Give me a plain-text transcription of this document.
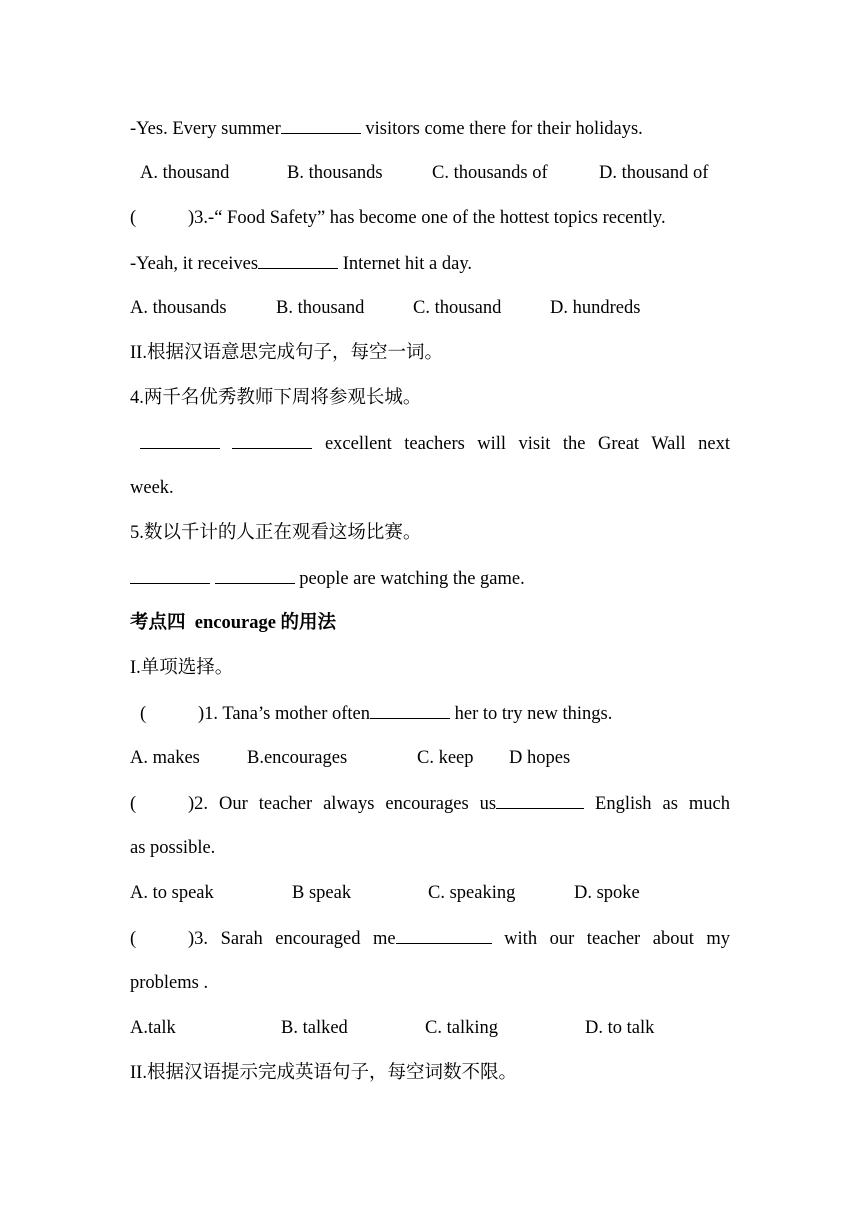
-Yes. Every summer	visitors come there for their holidays.

A. thousand

	B. thousands

	C. thousands of

	D. thousand of

(	)3.-“ Food Safety” has become one of the hottest topics recently.
-Yeah, it receives	Internet hit a day.

A. thousands

	B. thousand

	C. thousand

	D. hundreds

II.根据汉语意思完成句子，每空一词。
4.两千名优秀教师下周将参观长城。
excellent teachers will visit the Great Wall next
week.
5.数以千计的人正在观看这场比赛。
people are watching the game.
考点四  encourage 的用法
I.单项选择。
(	)1. Tana’s mother often	her to try new things.

A. makes

	B.encourages

	C. keep

D hopes

(	)2. Our teacher always encourages us	English as much
as possible.

A. to speak

	B speak

	C. speaking

	D. spoke

(	)3. Sarah encouraged me	with our teacher about my
problems .

A.talk

	B. talked

	C. talking

	D. to talk

II.根据汉语提示完成英语句子，每空词数不限。
